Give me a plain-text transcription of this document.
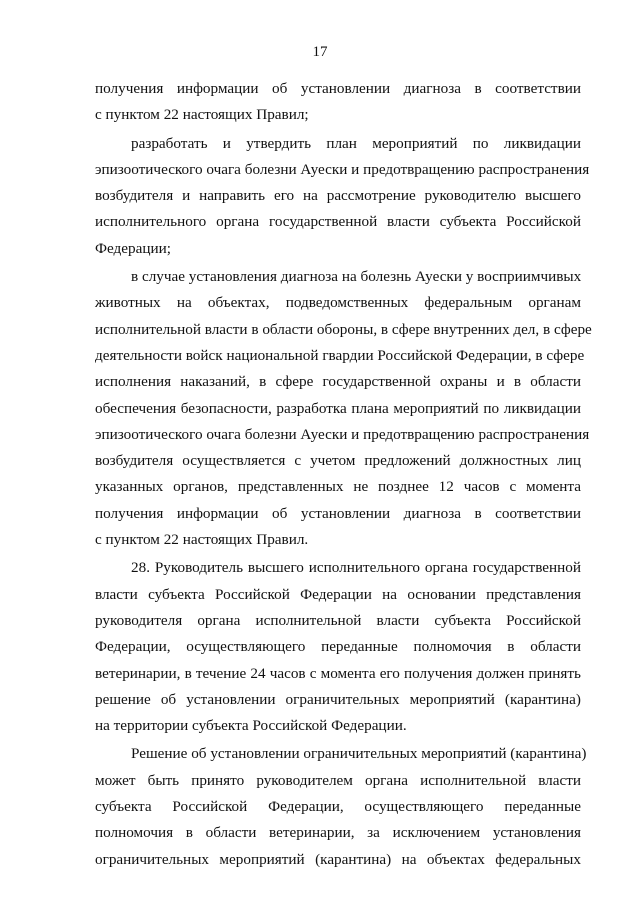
17

получения информации об установлении диагноза в соответствии
с пунктом 22 настоящих Правил;

разработать и утвердить план мероприятий по ликвидации
эпизоотического очага болезни Ауески и предотвращению распространения
возбудителя и направить его на рассмотрение руководителю высшего
исполнительного органа государственной власти субъекта Российской
Федерации;

в случае установления диагноза на болезнь Ауески у восприимчивых
животных на объектах, подведомственных федеральным органам
исполнительной власти в области обороны, в сфере внутренних дел, в сфере
деятельности войск национальной гвардии Российской Федерации, в сфере
исполнения наказаний, в сфере государственной охраны и в области
обеспечения безопасности, разработка плана мероприятий по ликвидации
эпизоотического очага болезни Ауески и предотвращению распространения
возбудителя осуществляется с учетом предложений должностных лиц
указанных органов, представленных не позднее 12 часов с момента
получения информации об установлении диагноза в соответствии
с пунктом 22 настоящих Правил.

28. Руководитель высшего исполнительного органа государственной
власти субъекта Российской Федерации на основании представления
руководителя органа исполнительной власти субъекта Российской
Федерации, осуществляющего переданные полномочия в области
ветеринарии, в течение 24 часов с момента его получения должен принять
решение об установлении ограничительных мероприятий (карантина)
на территории субъекта Российской Федерации.

Решение об установлении ограничительных мероприятий (карантина)
может быть принято руководителем органа исполнительной власти
субъекта Российской Федерации, осуществляющего переданные
полномочия в области ветеринарии, за исключением установления
ограничительных мероприятий (карантина) на объектах федеральных
